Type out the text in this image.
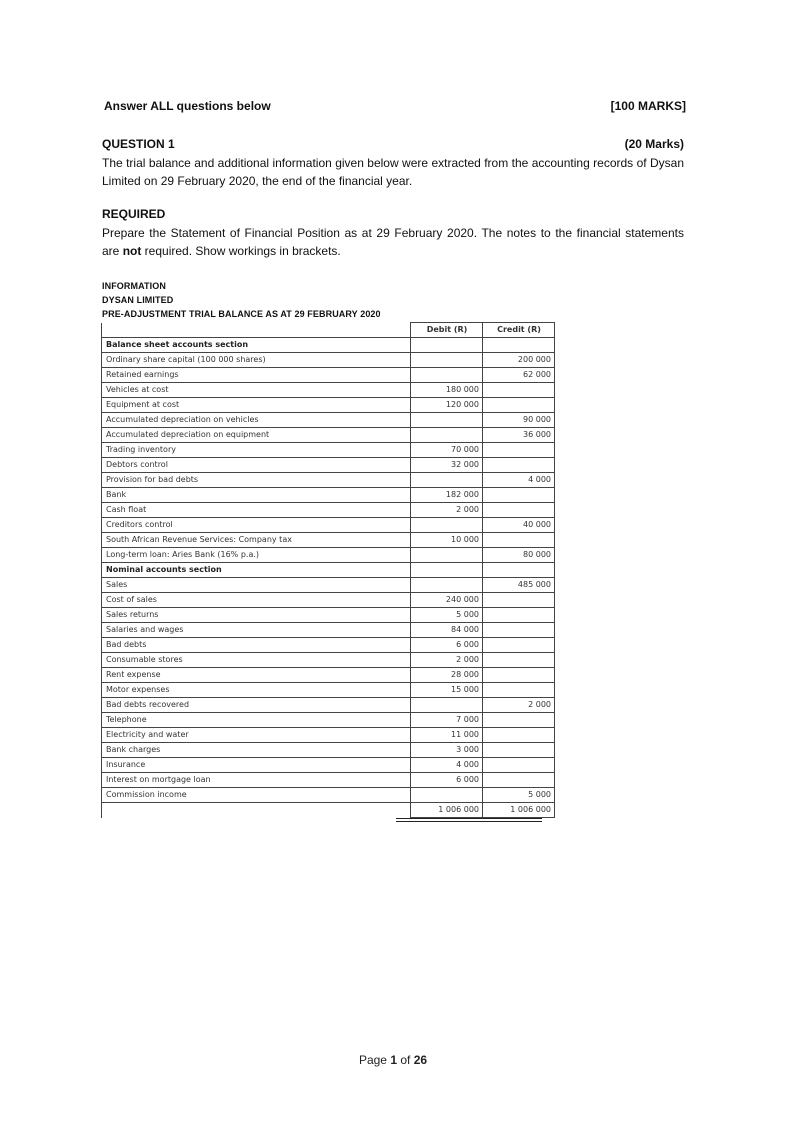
Answer ALL questions below	[100 MARKS]
QUESTION 1	(20 Marks)
The trial balance and additional information given below were extracted from the accounting records of Dysan Limited on 29 February 2020, the end of the financial year.
REQUIRED
Prepare the Statement of Financial Position as at 29 February 2020. The notes to the financial statements are not required. Show workings in brackets.
INFORMATION
DYSAN LIMITED
PRE-ADJUSTMENT TRIAL BALANCE AS AT 29 FEBRUARY 2020
	Debit (R)	Credit (R)
Balance sheet accounts section		
Ordinary share capital (100 000 shares)		200 000
Retained earnings		62 000
Vehicles at cost	180 000	
Equipment at cost	120 000	
Accumulated depreciation on vehicles		90 000
Accumulated depreciation on equipment		36 000
Trading inventory	70 000	
Debtors control	32 000	
Provision for bad debts		4 000
Bank	182 000	
Cash float	2 000	
Creditors control		40 000
South African Revenue Services: Company tax	10 000	
Long-term loan: Aries Bank (16% p.a.)		80 000
Nominal accounts section		
Sales		485 000
Cost of sales	240 000	
Sales returns	5 000	
Salaries and wages	84 000	
Bad debts	6 000	
Consumable stores	2 000	
Rent expense	28 000	
Motor expenses	15 000	
Bad debts recovered		2 000
Telephone	7 000	
Electricity and water	11 000	
Bank charges	3 000	
Insurance	4 000	
Interest on mortgage loan	6 000	
Commission income		5 000
	1 006 000	1 006 000
Page 1 of 26
